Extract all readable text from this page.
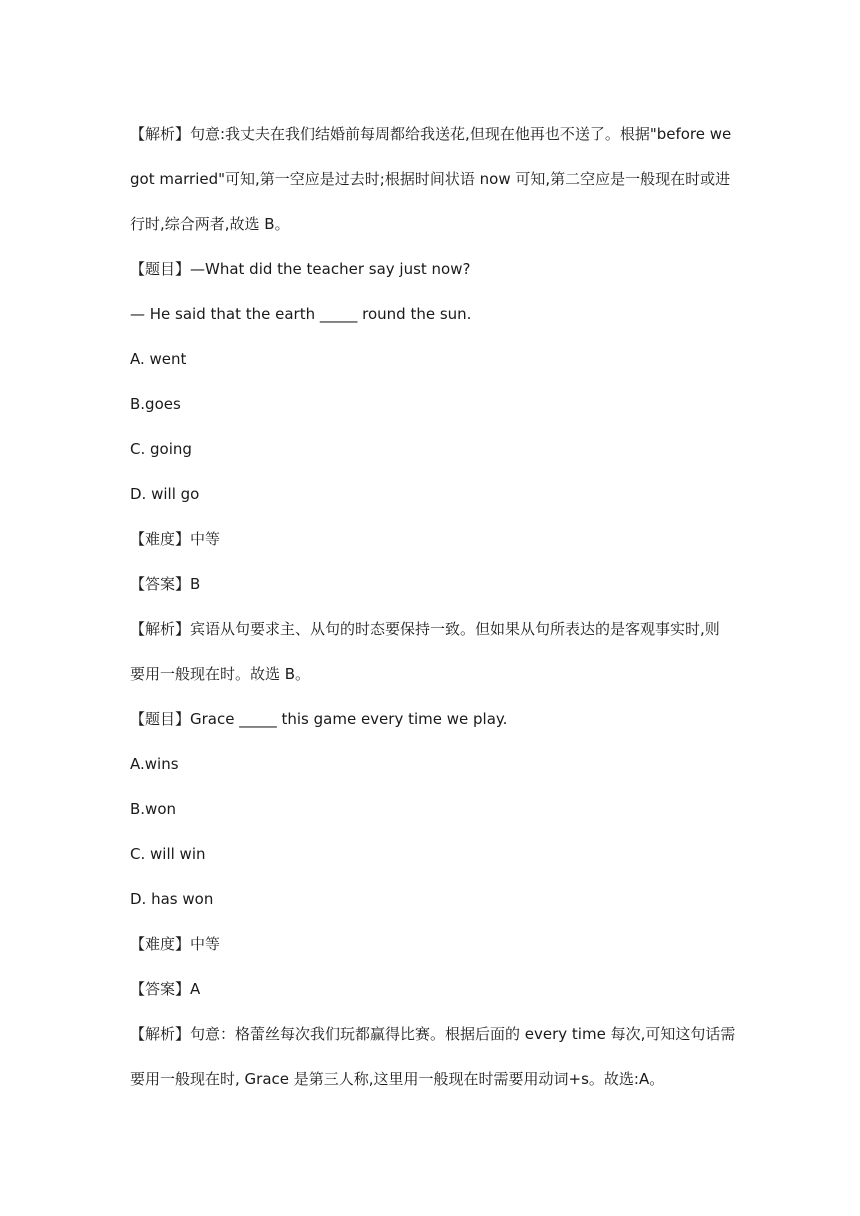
【解析】句意:我丈夫在我们结婚前每周都给我送花,但现在他再也不送了。根据"before we

got married"可知,第一空应是过去时;根据时间状语 now 可知,第二空应是一般现在时或进

行时,综合两者,故选 B。

【题目】—What did the teacher say just now?

— He said that the earth _____ round the sun.

A. went

B.goes

C. going

D. will go

【难度】中等

【答案】B

【解析】宾语从句要求主、从句的时态要保持一致。但如果从句所表达的是客观事实时,则

要用一般现在时。故选 B。

【题目】Grace _____ this game every time we play.

A.wins

B.won

C. will win

D. has won

【难度】中等

【答案】A

【解析】句意：格蕾丝每次我们玩都赢得比赛。根据后面的 every time 每次,可知这句话需

要用一般现在时, Grace 是第三人称,这里用一般现在时需要用动词+s。故选:A。
